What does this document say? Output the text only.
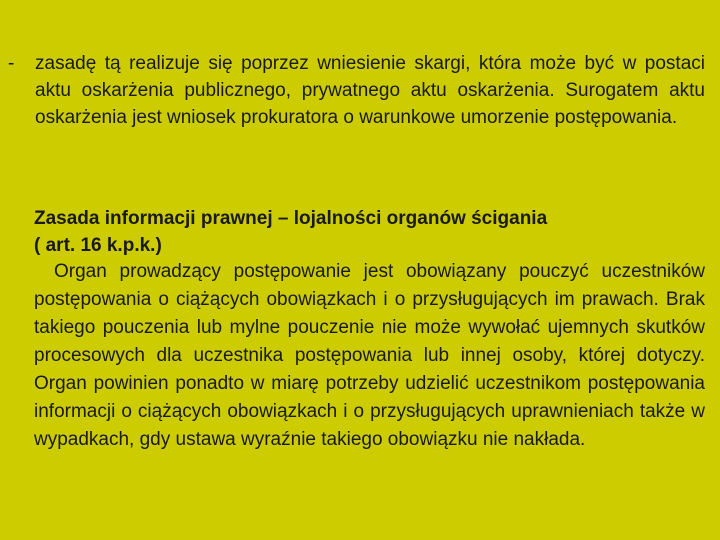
- zasadę tą realizuje się poprzez wniesienie skargi, która może być w postaci aktu oskarżenia publicznego, prywatnego aktu oskarżenia. Surogatem aktu oskarżenia jest wniosek prokuratora o warunkowe umorzenie postępowania.
Zasada informacji prawnej – lojalności organów ścigania
( art. 16 k.p.k.)

Organ prowadzący postępowanie jest obowiązany pouczyć uczestników postępowania o ciążących obowiązkach i o przysługujących im prawach. Brak takiego pouczenia lub mylne pouczenie nie może wywołać ujemnych skutków procesowych dla uczestnika postępowania lub innej osoby, której dotyczy. Organ powinien ponadto w miarę potrzeby udzielić uczestnikom postępowania informacji o ciążących obowiązkach i o przysługujących uprawnieniach także w wypadkach, gdy ustawa wyraźnie takiego obowiązku nie nakłada.
